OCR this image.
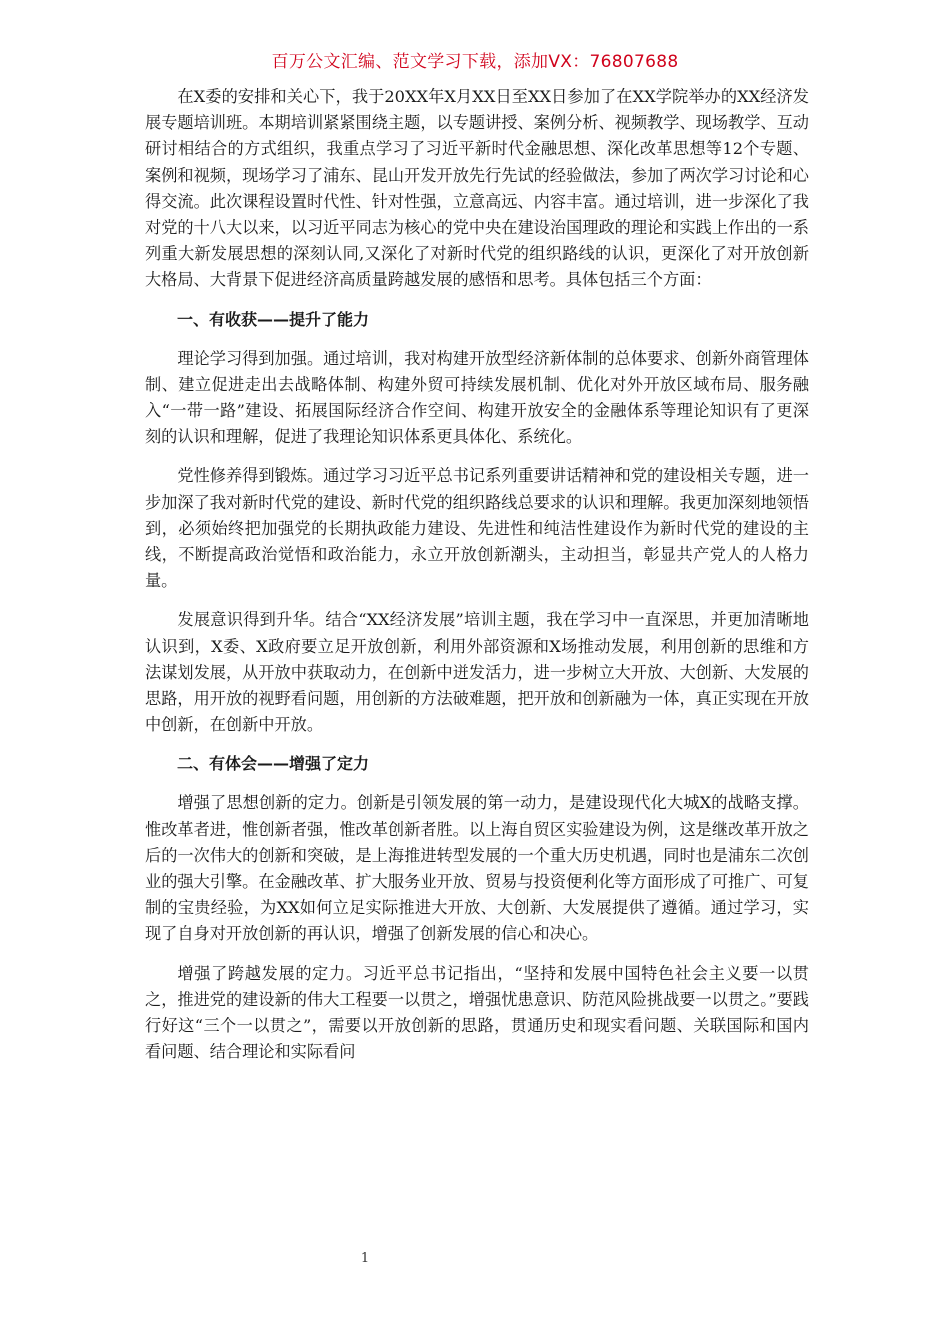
百万公文汇编、范文学习下载，添加VX：76807688

在X委的安排和关心下，我于20XX年X月XX日至XX日参加了在XX学院举办的XX经济发展专题培训班。本期培训紧紧围绕主题，以专题讲授、案例分析、视频教学、现场教学、互动研讨相结合的方式组织，我重点学习了习近平新时代金融思想、深化改革思想等12个专题、案例和视频，现场学习了浦东、昆山开发开放先行先试的经验做法，参加了两次学习讨论和心得交流。此次课程设置时代性、针对性强，立意高远、内容丰富。通过培训，进一步深化了我对党的十八大以来，以习近平同志为核心的党中央在建设治国理政的理论和实践上作出的一系列重大新发展思想的深刻认同,又深化了对新时代党的组织路线的认识，更深化了对开放创新大格局、大背景下促进经济高质量跨越发展的感悟和思考。具体包括三个方面：

一、有收获——提升了能力

理论学习得到加强。通过培训，我对构建开放型经济新体制的总体要求、创新外商管理体制、建立促进走出去战略体制、构建外贸可持续发展机制、优化对外开放区域布局、服务融入“一带一路”建设、拓展国际经济合作空间、构建开放安全的金融体系等理论知识有了更深刻的认识和理解，促进了我理论知识体系更具体化、系统化。

党性修养得到锻炼。通过学习习近平总书记系列重要讲话精神和党的建设相关专题，进一步加深了我对新时代党的建设、新时代党的组织路线总要求的认识和理解。我更加深刻地领悟到，必须始终把加强党的长期执政能力建设、先进性和纯洁性建设作为新时代党的建设的主线，不断提高政治觉悟和政治能力，永立开放创新潮头，主动担当，彰显共产党人的人格力量。

发展意识得到升华。结合“XX经济发展”培训主题，我在学习中一直深思，并更加清晰地认识到，X委、X政府要立足开放创新，利用外部资源和X场推动发展，利用创新的思维和方法谋划发展，从开放中获取动力，在创新中迸发活力，进一步树立大开放、大创新、大发展的思路，用开放的视野看问题，用创新的方法破难题，把开放和创新融为一体，真正实现在开放中创新，在创新中开放。

二、有体会——增强了定力

增强了思想创新的定力。创新是引领发展的第一动力，是建设现代化大城X的战略支撑。惟改革者进，惟创新者强，惟改革创新者胜。以上海自贸区实验建设为例，这是继改革开放之后的一次伟大的创新和突破，是上海推进转型发展的一个重大历史机遇，同时也是浦东二次创业的强大引擎。在金融改革、扩大服务业开放、贸易与投资便利化等方面形成了可推广、可复制的宝贵经验，为XX如何立足实际推进大开放、大创新、大发展提供了遵循。通过学习，实现了自身对开放创新的再认识，增强了创新发展的信心和决心。

增强了跨越发展的定力。习近平总书记指出，“坚持和发展中国特色社会主义要一以贯之，推进党的建设新的伟大工程要一以贯之，增强忧患意识、防范风险挑战要一以贯之。”要践行好这“三个一以贯之”，需要以开放创新的思路，贯通历史和现实看问题、关联国际和国内看问题、结合理论和实际看问

1
